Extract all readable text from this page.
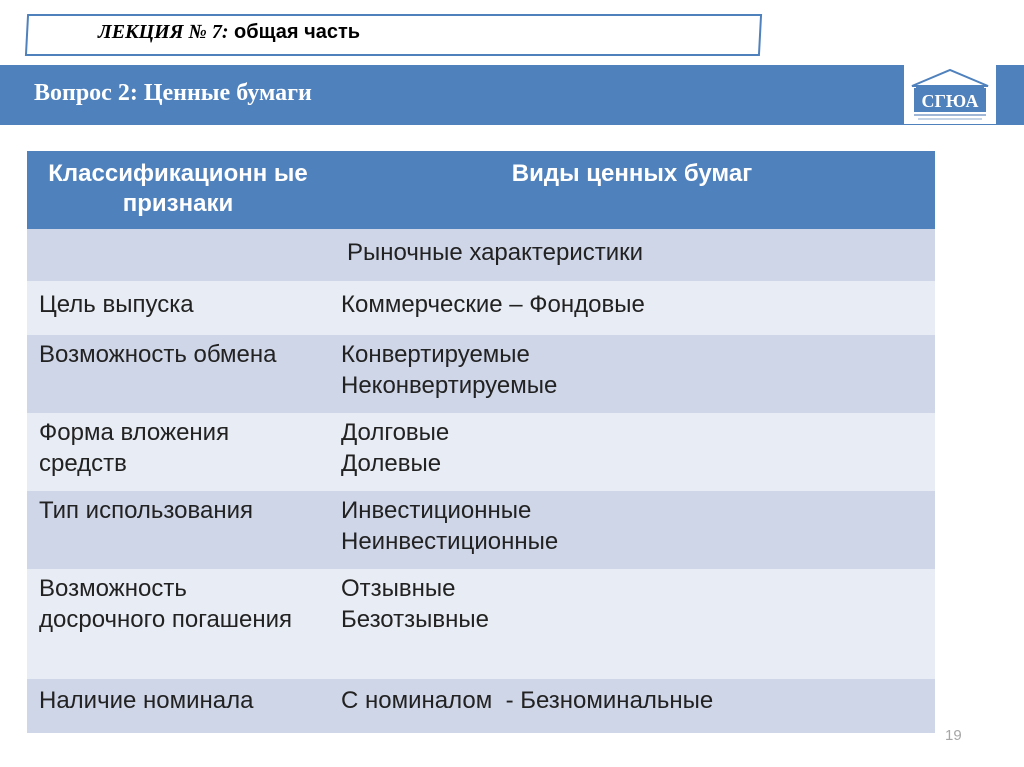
ЛЕКЦИЯ № 7: общая часть
Вопрос 2: Ценные бумаги	СГЮА
Классификационн ые признаки	Виды ценных бумаг
Рыночные характеристики	
Цель выпуска	Коммерческие – Фондовые
Возможность обмена	Конвертируемые
Неконвертируемые

Форма вложения средств	Долговые
Долевые

Тип использования	Инвестиционные
Неинвестиционные

Возможность досрочного погашения	Отзывные
Безотзывные

Наличие номинала	С номиналом  - Безноминальные
19
